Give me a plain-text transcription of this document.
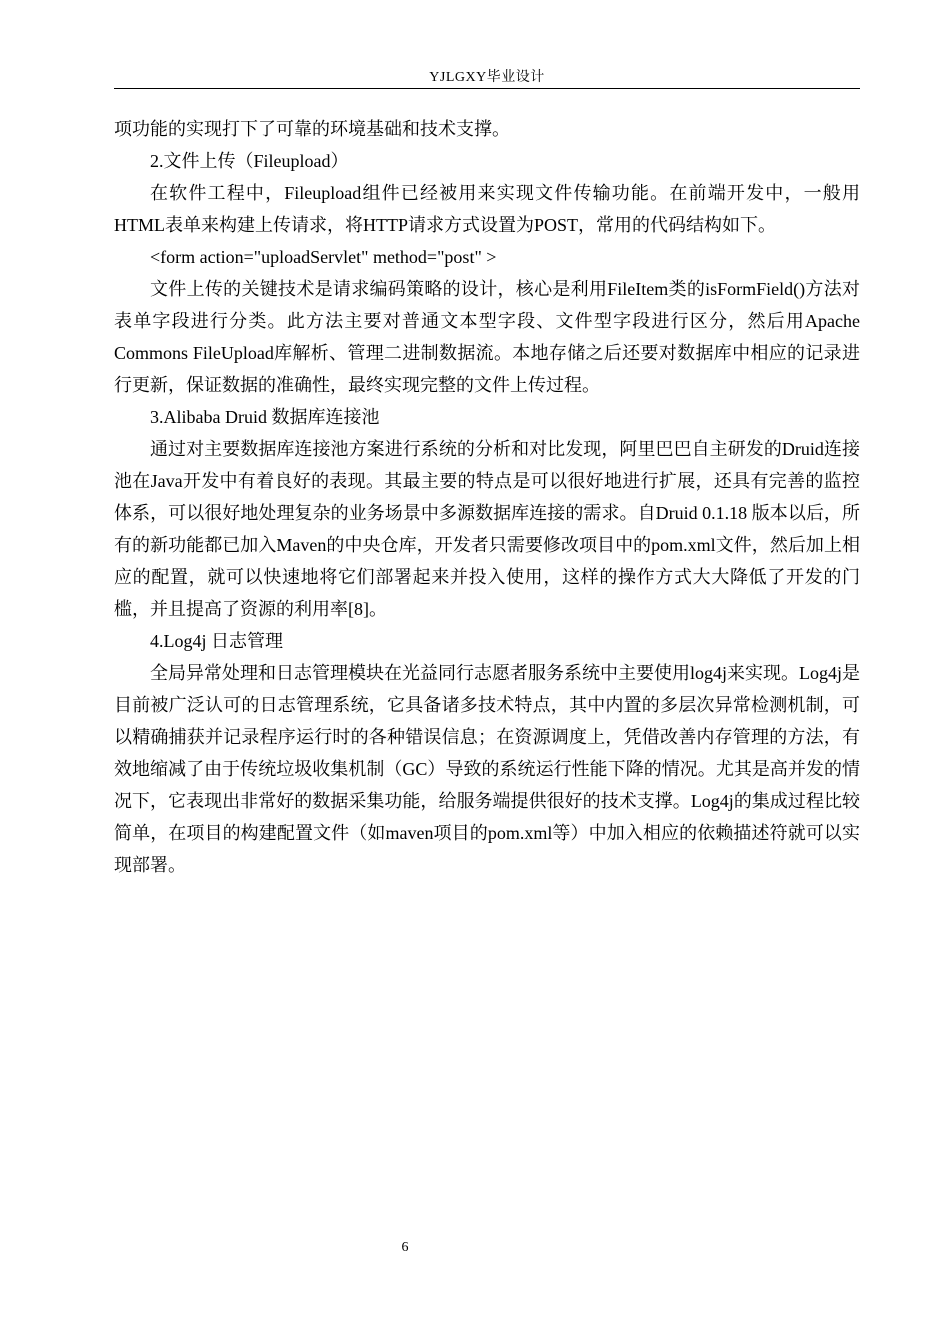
YJLGXY毕业设计

项功能的实现打下了可靠的环境基础和技术支撑。

2.文件上传（Fileupload）

在软件工程中，Fileupload组件已经被用来实现文件传输功能。在前端开发中，一般用HTML表单来构建上传请求，将HTTP请求方式设置为POST，常用的代码结构如下。

<form action="uploadServlet" method="post" >

文件上传的关键技术是请求编码策略的设计，核心是利用FileItem类的isFormField()方法对表单字段进行分类。此方法主要对普通文本型字段、文件型字段进行区分，然后用Apache Commons FileUpload库解析、管理二进制数据流。本地存储之后还要对数据库中相应的记录进行更新，保证数据的准确性，最终实现完整的文件上传过程。

3.Alibaba Druid 数据库连接池

通过对主要数据库连接池方案进行系统的分析和对比发现，阿里巴巴自主研发的Druid连接池在Java开发中有着良好的表现。其最主要的特点是可以很好地进行扩展，还具有完善的监控体系，可以很好地处理复杂的业务场景中多源数据库连接的需求。自Druid 0.1.18 版本以后，所有的新功能都已加入Maven的中央仓库，开发者只需要修改项目中的pom.xml文件，然后加上相应的配置，就可以快速地将它们部署起来并投入使用，这样的操作方式大大降低了开发的门槛，并且提高了资源的利用率[8]。

4.Log4j 日志管理

全局异常处理和日志管理模块在光益同行志愿者服务系统中主要使用log4j来实现。Log4j是目前被广泛认可的日志管理系统，它具备诸多技术特点，其中内置的多层次异常检测机制，可以精确捕获并记录程序运行时的各种错误信息；在资源调度上，凭借改善内存管理的方法，有效地缩减了由于传统垃圾收集机制（GC）导致的系统运行性能下降的情况。尤其是高并发的情况下，它表现出非常好的数据采集功能，给服务端提供很好的技术支撑。Log4j的集成过程比较简单，在项目的构建配置文件（如maven项目的pom.xml等）中加入相应的依赖描述符就可以实现部署。

6
